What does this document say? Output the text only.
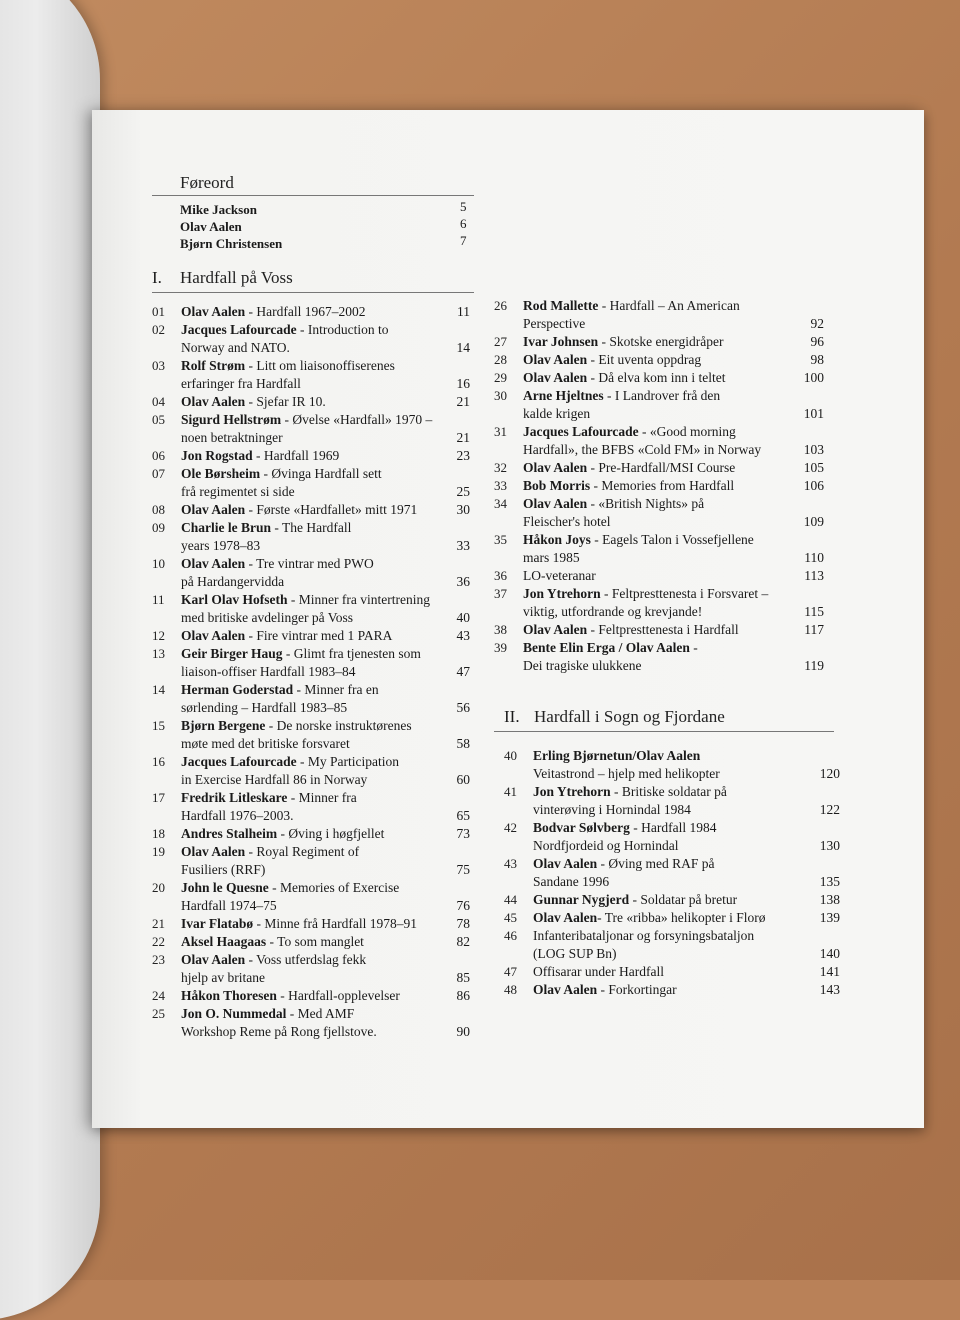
Føreord
Mike Jackson	5
Olav Aalen	6
Bjørn Christensen	7
I. Hardfall på Voss
01 Olav Aalen - Hardfall 1967–2002	11
02 Jacques Lafourcade - Introduction to
Norway and NATO.	14
03 Rolf Strøm - Litt om liaisonoffiserenes
erfaringer fra Hardfall	16
04 Olav Aalen - Sjefar IR 10.	21
05 Sigurd Hellstrøm - Øvelse «Hardfall» 1970 –
noen betraktninger	21
06 Jon Rogstad - Hardfall 1969	23
07 Ole Børsheim - Øvinga Hardfall sett
frå regimentet si side	25
08 Olav Aalen - Første «Hardfallet» mitt 1971	30
09 Charlie le Brun - The Hardfall
years 1978–83	33
10 Olav Aalen - Tre vintrar med PWO
på Hardangervidda	36
11 Karl Olav Hofseth - Minner fra vintertrening
med britiske avdelinger på Voss	40
12 Olav Aalen - Fire vintrar med 1 PARA	43
13 Geir Birger Haug - Glimt fra tjenesten som
liaison-offiser Hardfall 1983–84	47
14 Herman Goderstad - Minner fra en
sørlending – Hardfall 1983–85	56
15 Bjørn Bergene - De norske instruktørenes
møte med det britiske forsvaret	58
16 Jacques Lafourcade - My Participation
in Exercise Hardfall 86 in Norway	60
17 Fredrik Litleskare - Minner fra
Hardfall 1976–2003.	65
18 Andres Stalheim - Øving i høgfjellet	73
19 Olav Aalen - Royal Regiment of
Fusiliers (RRF)	75
20 John le Quesne - Memories of Exercise
Hardfall 1974–75	76
21 Ivar Flatabø - Minne frå Hardfall 1978–91	78
22 Aksel Haagaas - To som manglet	82
23 Olav Aalen - Voss utferdslag fekk
hjelp av britane	85
24 Håkon Thoresen - Hardfall-opplevelser	86
25 Jon O. Nummedal - Med AMF
Workshop Reme på Rong fjellstove.	90
26 Rod Mallette - Hardfall – An American
Perspective	92
27 Ivar Johnsen - Skotske energidråper	96
28 Olav Aalen - Eit uventa oppdrag	98
29 Olav Aalen - Då elva kom inn i teltet	100
30 Arne Hjeltnes - I Landrover frå den
kalde krigen	101
31 Jacques Lafourcade - «Good morning
Hardfall», the BFBS «Cold FM» in Norway	103
32 Olav Aalen - Pre-Hardfall/MSI Course	105
33 Bob Morris - Memories from Hardfall	106
34 Olav Aalen - «British Nights» på
Fleischer's hotel	109
35 Håkon Joys - Eagels Talon i Vossefjellene
mars 1985	110
36 LO-veteranar	113
37 Jon Ytrehorn - Feltpresttenesta i Forsvaret –
viktig, utfordrande og krevjande!	115
38 Olav Aalen - Feltpresttenesta i Hardfall	117
39 Bente Elin Erga / Olav Aalen -
Dei tragiske ulukkene	119
II. Hardfall i Sogn og Fjordane
40 Erling Bjørnetun/Olav Aalen
Veitastrond – hjelp med helikopter	120
41 Jon Ytrehorn - Britiske soldatar på
vinterøving i Hornindal 1984	122
42 Bodvar Sølvberg - Hardfall 1984
Nordfjordeid og Hornindal	130
43 Olav Aalen - Øving med RAF på
Sandane 1996	135
44 Gunnar Nygjerd - Soldatar på bretur	138
45 Olav Aalen- Tre «ribba» helikopter i Florø	139
46 Infanteribataljonar og forsyningsbataljon
(LOG SUP Bn)	140
47 Offisarar under Hardfall	141
48 Olav Aalen - Forkortingar	143
